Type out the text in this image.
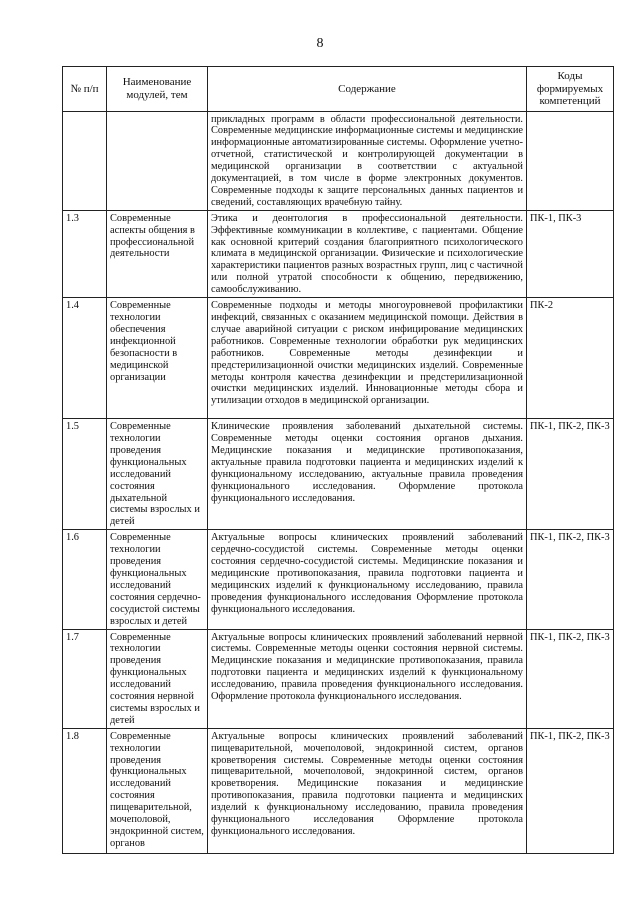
8
№ п/п	Наименование модулей, тем	Содержание	Коды формируемых компетенций
		прикладных программ в области профессиональной деятельности. Современные медицинские информационные системы и медицинские информационные автоматизированные системы. Оформление учетно-отчетной, статистической и контролирующей документации в медицинской организации в соответствии с актуальной документацией, в том числе в форме электронных документов. Современные подходы к защите персональных данных пациентов и сведений, составляющих врачебную тайну.	
1.3	Современные аспекты общения в профессиональной деятельности	Этика и деонтология в профессиональной деятельности. Эффективные коммуникации в коллективе, с пациентами. Общение как основной критерий создания благоприятного психологического климата в медицинской организации. Физические и психологические характеристики пациентов разных возрастных групп, лиц с частичной или полной утратой способности к общению, передвижению, самообслуживанию.	ПК-1, ПК-3
1.4	Современные технологии обеспечения инфекционной безопасности в медицинской организации	Современные подходы и методы многоуровневой профилактики инфекций, связанных с оказанием медицинской помощи. Действия в случае аварийной ситуации с риском инфицирование медицинских работников. Современные технологии обработки рук медицинских работников. Современные методы дезинфекции и предстерилизационной очистки медицинских изделий. Современные методы контроля качества дезинфекции и предстерилизационной очистки медицинских изделий. Инновационные методы сбора и утилизации отходов в медицинской организации.	ПК-2
1.5	Современные технологии проведения функциональных исследований состояния дыхательной системы взрослых и детей	Клинические проявления заболеваний дыхательной системы. Современные методы оценки состояния органов дыхания. Медицинские показания и медицинские противопоказания, актуальные правила подготовки пациента и медицинских изделий к функциональному исследованию, актуальные правила проведения функционального исследования. Оформление протокола функционального исследования.	ПК-1, ПК-2, ПК-3
1.6	Современные технологии проведения функциональных исследований состояния сердечно-сосудистой системы взрослых и детей	Актуальные вопросы клинических проявлений заболеваний сердечно-сосудистой системы. Современные методы оценки состояния сердечно-сосудистой системы. Медицинские показания и медицинские противопоказания, правила подготовки пациента и медицинских изделий к функциональному исследованию, правила проведения функционального исследования Оформление протокола функционального исследования.	ПК-1, ПК-2, ПК-3
1.7	Современные технологии проведения функциональных исследований состояния нервной системы взрослых и детей	Актуальные вопросы клинических проявлений заболеваний нервной системы. Современные методы оценки состояния нервной системы. Медицинские показания и медицинские противопоказания, правила подготовки пациента и медицинских изделий к функциональному исследованию, правила проведения функционального исследования. Оформление протокола функционального исследования.	ПК-1, ПК-2, ПК-3
1.8	Современные технологии проведения функциональных исследований состояния пищеварительной, мочеполовой, эндокринной систем, органов	Актуальные вопросы клинических проявлений заболеваний пищеварительной, мочеполовой, эндокринной систем, органов кроветворения системы. Современные методы оценки состояния пищеварительной, мочеполовой, эндокринной систем, органов кроветворения. Медицинские показания и медицинские противопоказания, правила подготовки пациента и медицинских изделий к функциональному исследованию, правила проведения функционального исследования Оформление протокола функционального исследования.	ПК-1, ПК-2, ПК-3
